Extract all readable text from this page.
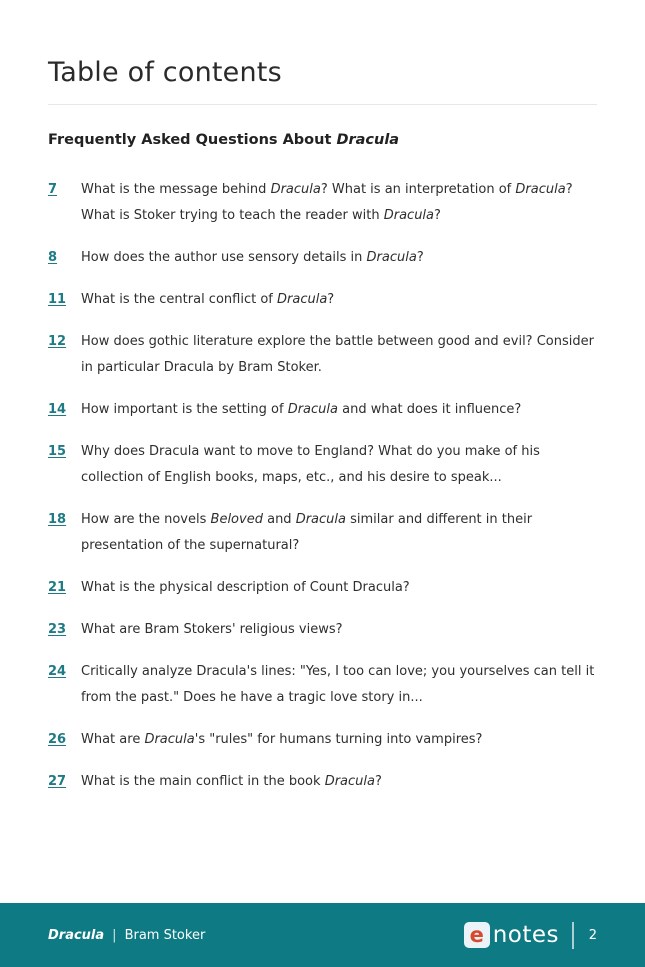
Table of contents
Frequently Asked Questions About Dracula
7	What is the message behind Dracula? What is an interpretation of Dracula? What is Stoker trying to teach the reader with Dracula?
8	How does the author use sensory details in Dracula?
11	What is the central conflict of Dracula?
12	How does gothic literature explore the battle between good and evil? Consider in particular Dracula by Bram Stoker.
14	How important is the setting of Dracula and what does it influence?
15	Why does Dracula want to move to England? What do you make of his collection of English books, maps, etc., and his desire to speak...
18	How are the novels Beloved and Dracula similar and different in their presentation of the supernatural?
21	What is the physical description of Count Dracula?
23	What are Bram Stokers' religious views?
24	Critically analyze Dracula's lines: "Yes, I too can love; you yourselves can tell it from the past." Does he have a tragic love story in...
26	What are Dracula's "rules" for humans turning into vampires?
27	What is the main conflict in the book Dracula?
Dracula | Bram Stoker	e notes 2
